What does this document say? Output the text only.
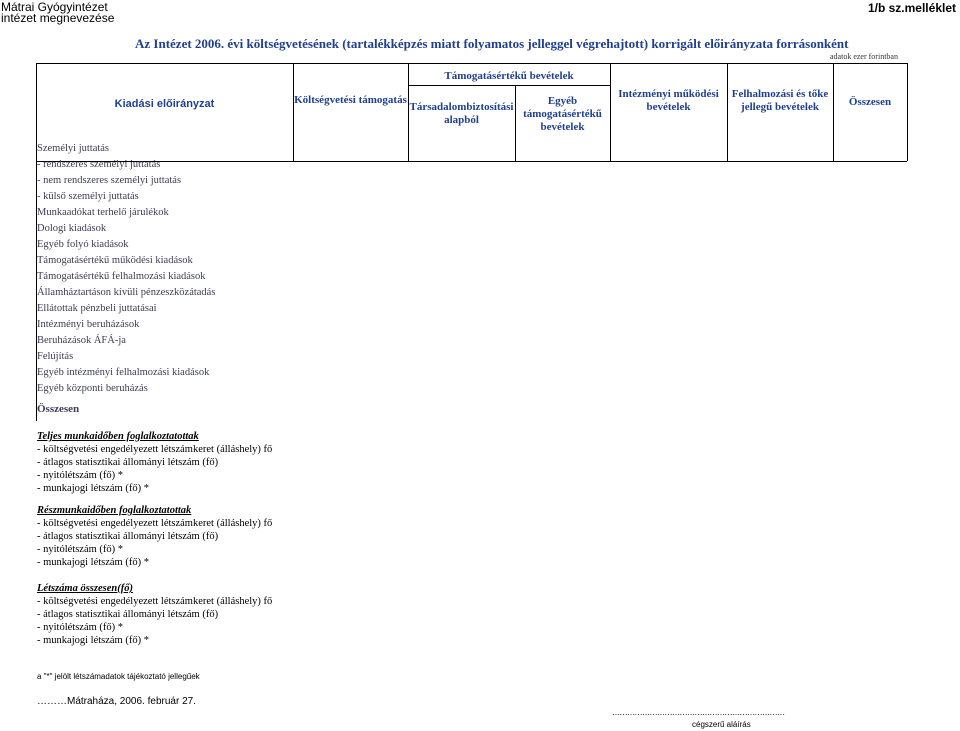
Mátrai Gyógyintézet
intézet megnevezése
1/b sz.melléklet
Az Intézet 2006. évi költségvetésének (tartalékképzés miatt folyamatos jelleggel végrehajtott) korrigált előirányzata forrásonként
adatok ezer forintban
Kiadási előirányzat	Költségvetési támogatás
Támogatásértékű bevételek
Társadalombiztosítási
alapból
Egyéb
támogatásértékű
bevételek
Intézményi működési
bevételek
Felhalmozási és tőke
jellegű bevételek	Összesen
Személyi juttatás
- rendszeres személyi juttatás
- nem rendszeres személyi juttatás
- külső személyi juttatás
Munkaadókat terhelő járulékok
Dologi kiadások
Egyéb folyó kiadások
Támogatásértékű működési kiadások
Támogatásértékű felhalmozási kiadások
Államháztartáson kívüli pénzeszközátadás
Ellátottak pénzbeli juttatásai
Intézményi beruházások
Beruházások ÁFÁ-ja
Felújítás
Egyéb intézményi felhalmozási kiadások
Egyéb központi beruházás
Összesen
Teljes munkaidőben foglalkoztatottak
- költségvetési engedélyezett létszámkeret (álláshely) fő
- átlagos statisztikai állományi létszám (fő)
- nyitólétszám (fő) *
- munkajogi létszám (fő) *
Részmunkaidőben foglalkoztatottak
- költségvetési engedélyezett létszámkeret (álláshely) fő
- átlagos statisztikai állományi létszám (fő)
- nyitólétszám (fő) *
- munkajogi létszám (fő) *
Létszáma összesen(fő)
- költségvetési engedélyezett létszámkeret (álláshely) fő
- átlagos statisztikai állományi létszám (fő)
- nyitólétszám (fő) *
- munkajogi létszám (fő) *
a "*" jelölt létszámadatok tájékoztató jellegűek
………Mátraháza, 2006. február 27.
……………………………………………………………
cégszerű aláírás
